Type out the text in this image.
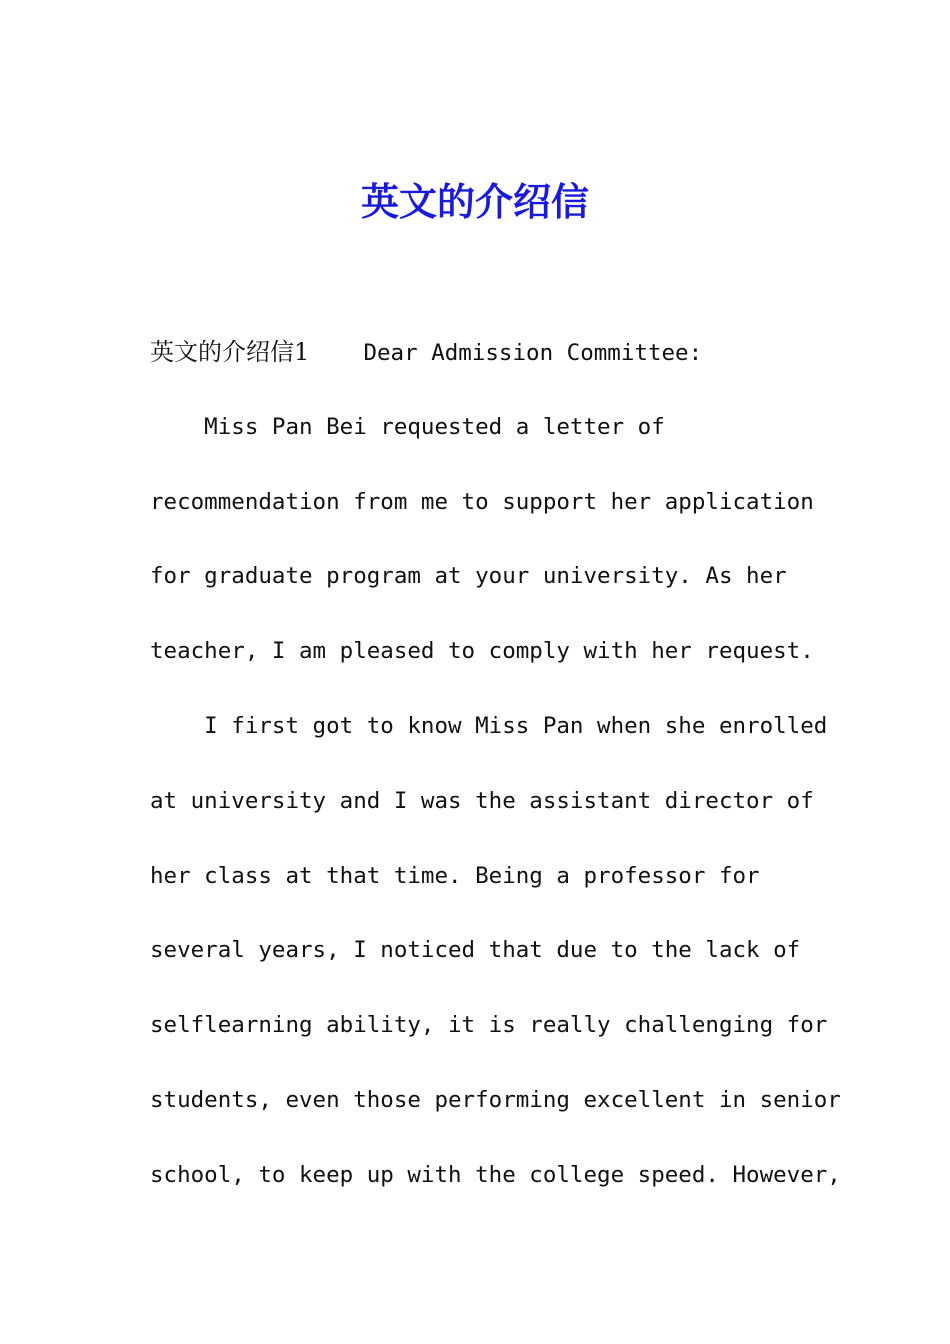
英文的介绍信

英文的介绍信1 Dear Admission Committee:

Miss Pan Bei requested a letter of

recommendation from me to support her application

for graduate program at your university. As her

teacher, I am pleased to comply with her request.

I first got to know Miss Pan when she enrolled

at university and I was the assistant director of

her class at that time. Being a professor for

several years, I noticed that due to the lack of

selflearning ability, it is really challenging for

students, even those performing excellent in senior

school, to keep up with the college speed. However,
